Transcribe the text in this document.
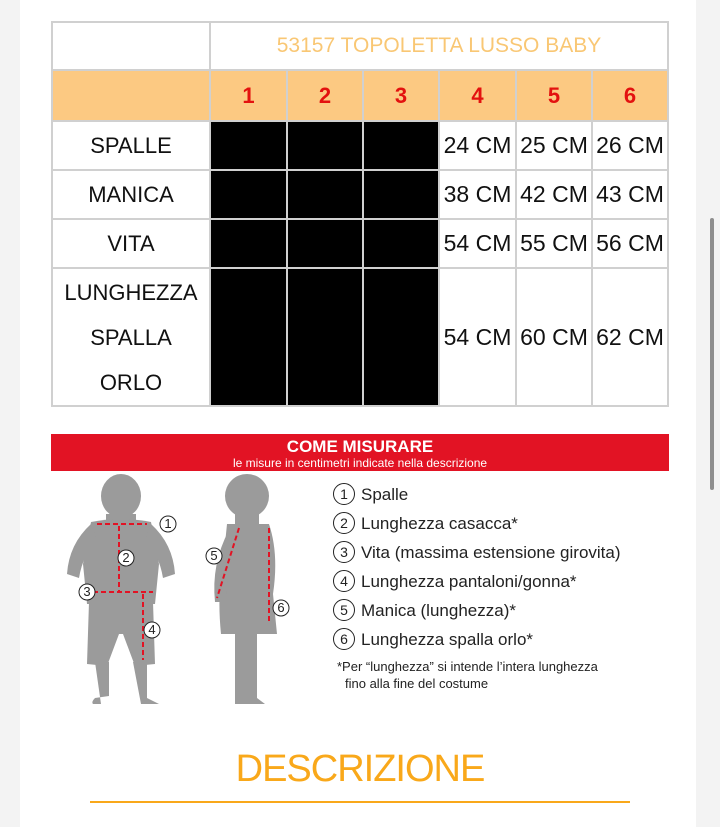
	53157 TOPOLETTA LUSSO BABY					
	1	2	3	4	5	6
SPALLE				24 CM	25 CM	26 CM
MANICA				38 CM	42 CM	43 CM
VITA				54 CM	55 CM	56 CM

LUNGHEZZA
SPALLA
ORLO				54 CM	60 CM	62 CM
COME MISURARE
le misure in centimetri indicate nella descrizione
1
2
3
4
5
6
1 Spalle
2 Lunghezza casacca*
3 Vita (massima estensione girovita)
4 Lunghezza pantaloni/gonna*
5 Manica (lunghezza)*
6 Lunghezza spalla orlo*
*Per “lunghezza” si intende l’intera lunghezza
fino alla fine del costume
DESCRIZIONE
